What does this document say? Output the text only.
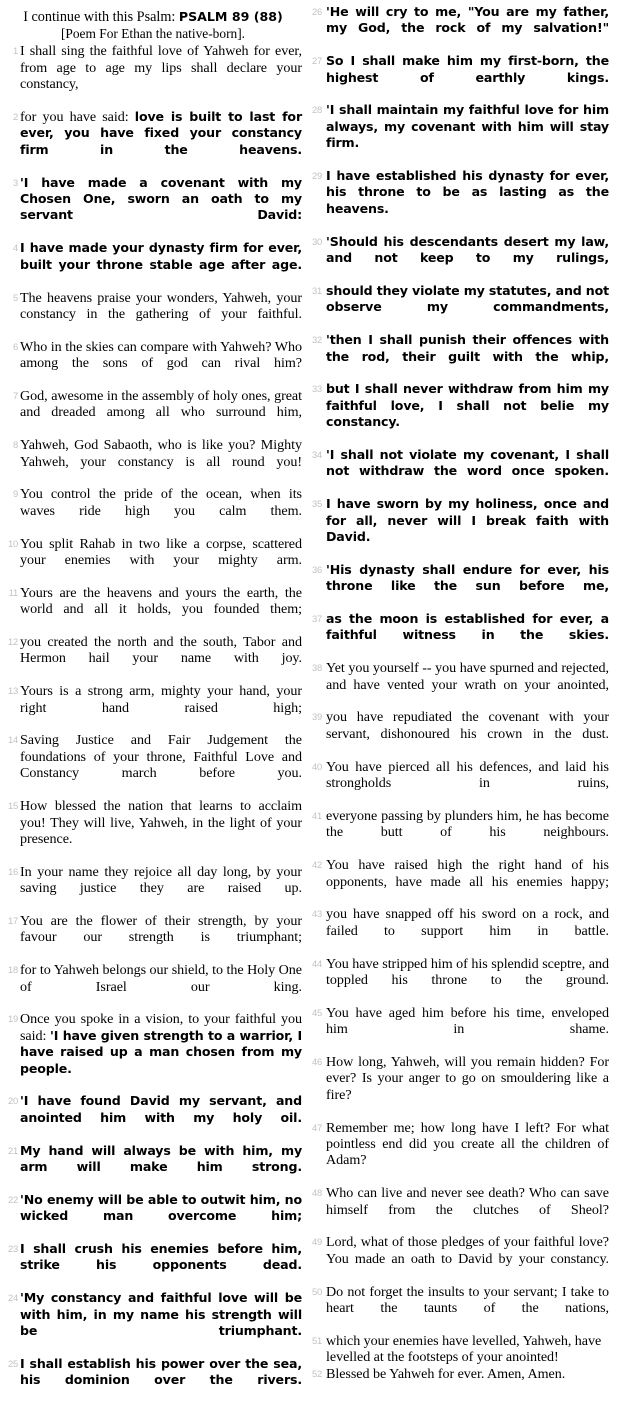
I continue with this Psalm: PSALM 89 (88)
[Poem For Ethan the native-born].
1 I shall sing the faithful love of Yahweh for ever, from age to age my lips shall declare your constancy,
2 for you have said: love is built to last for ever, you have fixed your constancy firm in the heavens.
3 'I have made a covenant with my Chosen One, sworn an oath to my servant David:
4 I have made your dynasty firm for ever, built your throne stable age after age.
5 The heavens praise your wonders, Yahweh, your constancy in the gathering of your faithful.
6 Who in the skies can compare with Yahweh? Who among the sons of god can rival him?
7 God, awesome in the assembly of holy ones, great and dreaded among all who surround him,
8 Yahweh, God Sabaoth, who is like you? Mighty Yahweh, your constancy is all round you!
9 You control the pride of the ocean, when its waves ride high you calm them.
10 You split Rahab in two like a corpse, scattered your enemies with your mighty arm.
11 Yours are the heavens and yours the earth, the world and all it holds, you founded them;
12 you created the north and the south, Tabor and Hermon hail your name with joy.
13 Yours is a strong arm, mighty your hand, your right hand raised high;
14 Saving Justice and Fair Judgement the foundations of your throne, Faithful Love and Constancy march before you.
15 How blessed the nation that learns to acclaim you! They will live, Yahweh, in the light of your presence.
16 In your name they rejoice all day long, by your saving justice they are raised up.
17 You are the flower of their strength, by your favour our strength is triumphant;
18 for to Yahweh belongs our shield, to the Holy One of Israel our king.
19 Once you spoke in a vision, to your faithful you said: 'I have given strength to a warrior, I have raised up a man chosen from my people.
20 'I have found David my servant, and anointed him with my holy oil.
21 My hand will always be with him, my arm will make him strong.
22 'No enemy will be able to outwit him, no wicked man overcome him;
23 I shall crush his enemies before him, strike his opponents dead.
24 'My constancy and faithful love will be with him, in my name his strength will be triumphant.
25 I shall establish his power over the sea, his dominion over the rivers.
26 'He will cry to me, "You are my father, my God, the rock of my salvation!"
27 So I shall make him my first-born, the highest of earthly kings.
28 'I shall maintain my faithful love for him always, my covenant with him will stay firm.
29 I have established his dynasty for ever, his throne to be as lasting as the heavens.
30 'Should his descendants desert my law, and not keep to my rulings,
31 should they violate my statutes, and not observe my commandments,
32 'then I shall punish their offences with the rod, their guilt with the whip,
33 but I shall never withdraw from him my faithful love, I shall not belie my constancy.
34 'I shall not violate my covenant, I shall not withdraw the word once spoken.
35 I have sworn by my holiness, once and for all, never will I break faith with David.
36 'His dynasty shall endure for ever, his throne like the sun before me,
37 as the moon is established for ever, a faithful witness in the skies.
38 Yet you yourself -- you have spurned and rejected, and have vented your wrath on your anointed,
39 you have repudiated the covenant with your servant, dishonoured his crown in the dust.
40 You have pierced all his defences, and laid his strongholds in ruins,
41 everyone passing by plunders him, he has become the butt of his neighbours.
42 You have raised high the right hand of his opponents, have made all his enemies happy;
43 you have snapped off his sword on a rock, and failed to support him in battle.
44 You have stripped him of his splendid sceptre, and toppled his throne to the ground.
45 You have aged him before his time, enveloped him in shame.
46 How long, Yahweh, will you remain hidden? For ever? Is your anger to go on smouldering like a fire?
47 Remember me; how long have I left? For what pointless end did you create all the children of Adam?
48 Who can live and never see death? Who can save himself from the clutches of Sheol?
49 Lord, what of those pledges of your faithful love? You made an oath to David by your constancy.
50 Do not forget the insults to your servant; I take to heart the taunts of the nations,
51 which your enemies have levelled, Yahweh, have levelled at the footsteps of your anointed!
52 Blessed be Yahweh for ever. Amen, Amen.
